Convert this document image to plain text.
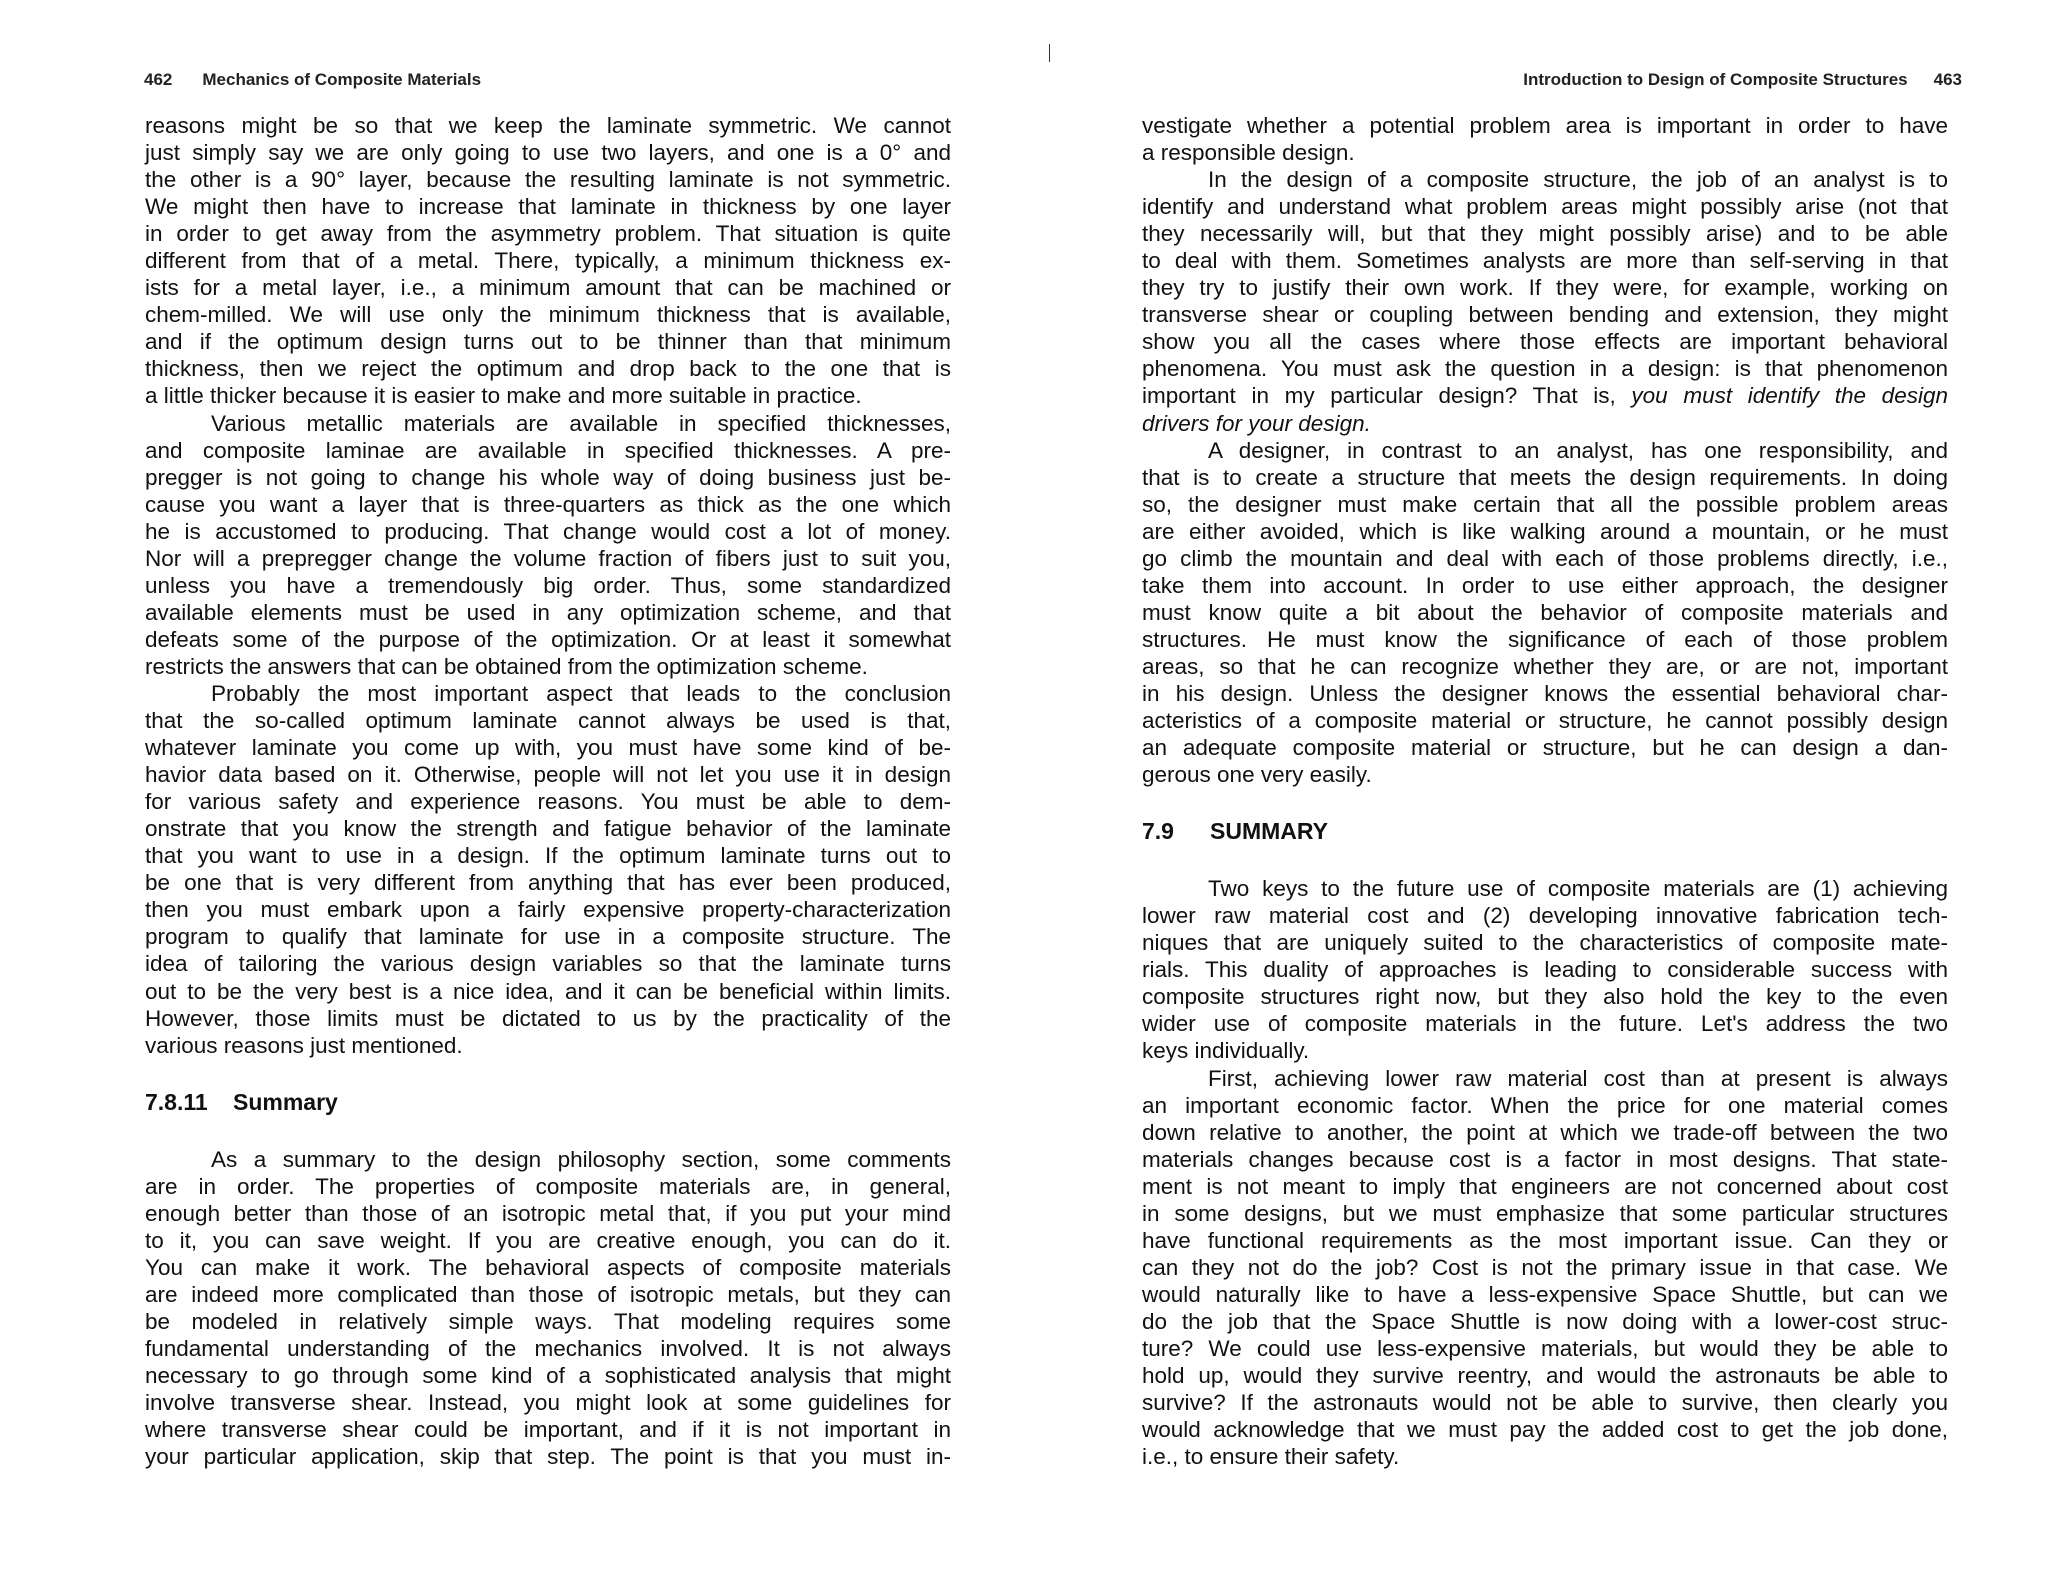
462 Mechanics of Composite Materials
reasons might be so that we keep the laminate symmetric. We cannot
just simply say we are only going to use two layers, and one is a 0° and
the other is a 90° layer, because the resulting laminate is not symmetric.
We might then have to increase that laminate in thickness by one layer
in order to get away from the asymmetry problem. That situation is quite
different from that of a metal. There, typically, a minimum thickness ex-
ists for a metal layer, i.e., a minimum amount that can be machined or
chem-milled. We will use only the minimum thickness that is available,
and if the optimum design turns out to be thinner than that minimum
thickness, then we reject the optimum and drop back to the one that is
a little thicker because it is easier to make and more suitable in practice.
Various metallic materials are available in specified thicknesses,
and composite laminae are available in specified thicknesses. A pre-
pregger is not going to change his whole way of doing business just be-
cause you want a layer that is three-quarters as thick as the one which
he is accustomed to producing. That change would cost a lot of money.
Nor will a prepregger change the volume fraction of fibers just to suit you,
unless you have a tremendously big order. Thus, some standardized
available elements must be used in any optimization scheme, and that
defeats some of the purpose of the optimization. Or at least it somewhat
restricts the answers that can be obtained from the optimization scheme.
Probably the most important aspect that leads to the conclusion
that the so-called optimum laminate cannot always be used is that,
whatever laminate you come up with, you must have some kind of be-
havior data based on it. Otherwise, people will not let you use it in design
for various safety and experience reasons. You must be able to dem-
onstrate that you know the strength and fatigue behavior of the laminate
that you want to use in a design. If the optimum laminate turns out to
be one that is very different from anything that has ever been produced,
then you must embark upon a fairly expensive property-characterization
program to qualify that laminate for use in a composite structure. The
idea of tailoring the various design variables so that the laminate turns
out to be the very best is a nice idea, and it can be beneficial within limits.
However, those limits must be dictated to us by the practicality of the
various reasons just mentioned.
7.8.11 Summary
As a summary to the design philosophy section, some comments
are in order. The properties of composite materials are, in general,
enough better than those of an isotropic metal that, if you put your mind
to it, you can save weight. If you are creative enough, you can do it.
You can make it work. The behavioral aspects of composite materials
are indeed more complicated than those of isotropic metals, but they can
be modeled in relatively simple ways. That modeling requires some
fundamental understanding of the mechanics involved. It is not always
necessary to go through some kind of a sophisticated analysis that might
involve transverse shear. Instead, you might look at some guidelines for
where transverse shear could be important, and if it is not important in
your particular application, skip that step. The point is that you must in-
Introduction to Design of Composite Structures 463
vestigate whether a potential problem area is important in order to have
a responsible design.
In the design of a composite structure, the job of an analyst is to
identify and understand what problem areas might possibly arise (not that
they necessarily will, but that they might possibly arise) and to be able
to deal with them. Sometimes analysts are more than self-serving in that
they try to justify their own work. If they were, for example, working on
transverse shear or coupling between bending and extension, they might
show you all the cases where those effects are important behavioral
phenomena. You must ask the question in a design: is that phenomenon
important in my particular design? That is, you must identify the design
drivers for your design.
A designer, in contrast to an analyst, has one responsibility, and
that is to create a structure that meets the design requirements. In doing
so, the designer must make certain that all the possible problem areas
are either avoided, which is like walking around a mountain, or he must
go climb the mountain and deal with each of those problems directly, i.e.,
take them into account. In order to use either approach, the designer
must know quite a bit about the behavior of composite materials and
structures. He must know the significance of each of those problem
areas, so that he can recognize whether they are, or are not, important
in his design. Unless the designer knows the essential behavioral char-
acteristics of a composite material or structure, he cannot possibly design
an adequate composite material or structure, but he can design a dan-
gerous one very easily.
7.9 SUMMARY
Two keys to the future use of composite materials are (1) achieving
lower raw material cost and (2) developing innovative fabrication tech-
niques that are uniquely suited to the characteristics of composite mate-
rials. This duality of approaches is leading to considerable success with
composite structures right now, but they also hold the key to the even
wider use of composite materials in the future. Let's address the two
keys individually.
First, achieving lower raw material cost than at present is always
an important economic factor. When the price for one material comes
down relative to another, the point at which we trade-off between the two
materials changes because cost is a factor in most designs. That state-
ment is not meant to imply that engineers are not concerned about cost
in some designs, but we must emphasize that some particular structures
have functional requirements as the most important issue. Can they or
can they not do the job? Cost is not the primary issue in that case. We
would naturally like to have a less-expensive Space Shuttle, but can we
do the job that the Space Shuttle is now doing with a lower-cost struc-
ture? We could use less-expensive materials, but would they be able to
hold up, would they survive reentry, and would the astronauts be able to
survive? If the astronauts would not be able to survive, then clearly you
would acknowledge that we must pay the added cost to get the job done,
i.e., to ensure their safety.
